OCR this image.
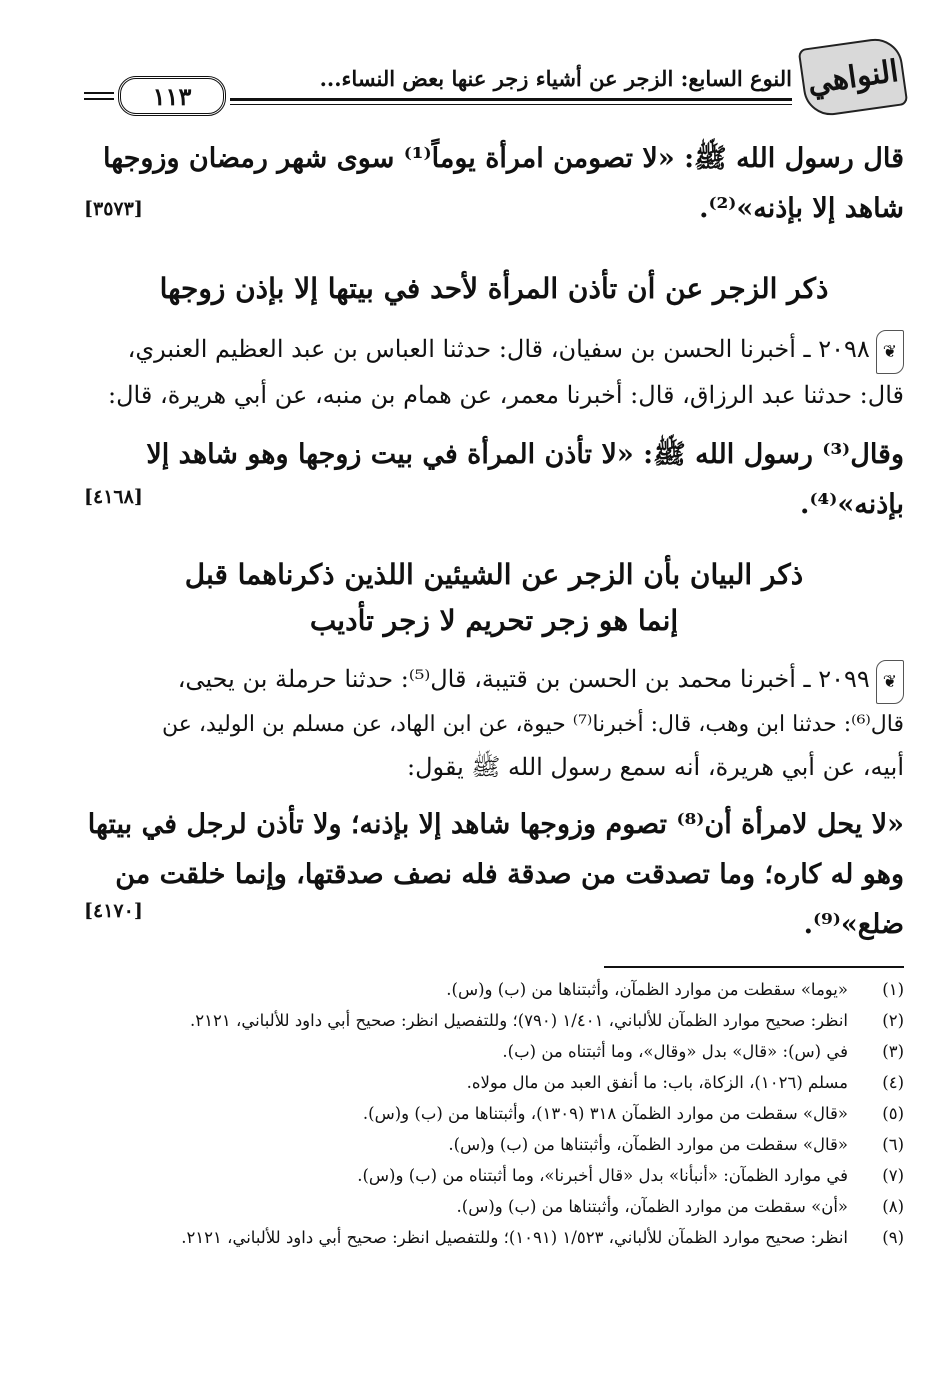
النواهي
النوع السابع: الزجر عن أشياء زجر عنها بعض النساء...
١١٣
قال رسول الله ﷺ: «لا تصومن امرأة يوماً⁽¹⁾ سوى شهر رمضان وزوجها
شاهد إلا بإذنه»⁽²⁾.
[٣٥٧٣]
ذكر الزجر عن أن تأذن المرأة لأحد في بيتها إلا بإذن زوجها
❦٢٠٩٨ ـ أخبرنا الحسن بن سفيان، قال: حدثنا العباس بن عبد العظيم العنبري،
قال: حدثنا عبد الرزاق، قال: أخبرنا معمر، عن همام بن منبه، عن أبي هريرة، قال:
وقال⁽³⁾ رسول الله ﷺ: «لا تأذن المرأة في بيت زوجها وهو شاهد إلا
بإذنه»⁽⁴⁾.
[٤١٦٨]
ذكر البيان بأن الزجر عن الشيئين اللذين ذكرناهما قبل
إنما هو زجر تحريم لا زجر تأديب
❦٢٠٩٩ ـ أخبرنا محمد بن الحسن بن قتيبة، قال⁽⁵⁾: حدثنا حرملة بن يحيى،
قال⁽⁶⁾: حدثنا ابن وهب، قال: أخبرنا⁽⁷⁾ حيوة، عن ابن الهاد، عن مسلم بن الوليد، عن
أبيه، عن أبي هريرة، أنه سمع رسول الله ﷺ يقول:
«لا يحل لامرأة أن⁽⁸⁾ تصوم وزوجها شاهد إلا بإذنه؛ ولا تأذن لرجل في بيتها
وهو له كاره؛ وما تصدقت من صدقة فله نصف صدقتها، وإنما خلقت من
ضلع»⁽⁹⁾.
[٤١٧٠]
(١)
«يوما» سقطت من موارد الظمآن، وأثبتناها من (ب) و(س).
(٢)
انظر: صحيح موارد الظمآن للألباني، ١/٤٠١ (٧٩٠)؛ وللتفصيل انظر: صحيح أبي داود للألباني، ٢١٢١.
(٣)
في (س): «قال» بدل «وقال»، وما أثبتناه من (ب).
(٤)
مسلم (١٠٢٦)، الزكاة، باب: ما أنفق العبد من مال مولاه.
(٥)
«قال» سقطت من موارد الظمآن ٣١٨ (١٣٠٩)، وأثبتناها من (ب) و(س).
(٦)
«قال» سقطت من موارد الظمآن، وأثبتناها من (ب) و(س).
(٧)
في موارد الظمآن: «أنبأنا» بدل «قال أخبرنا»، وما أثبتناه من (ب) و(س).
(٨)
«أن» سقطت من موارد الظمآن، وأثبتناها من (ب) و(س).
(٩)
انظر: صحيح موارد الظمآن للألباني، ١/٥٢٣ (١٠٩١)؛ وللتفصيل انظر: صحيح أبي داود للألباني، ٢١٢١.
